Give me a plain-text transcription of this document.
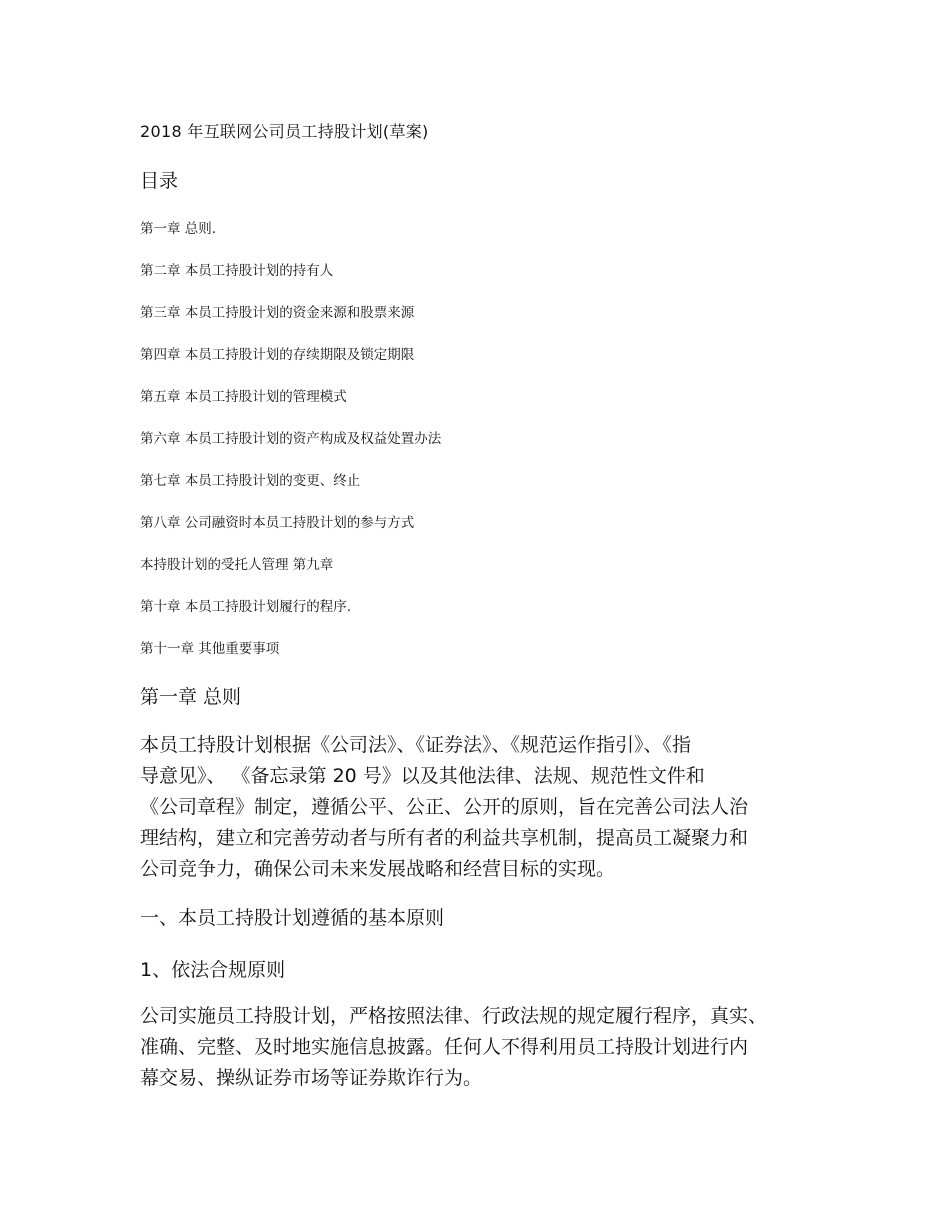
2018 年互联网公司员工持股计划(草案)
目录
第一章 总则.
第二章 本员工持股计划的持有人
第三章 本员工持股计划的资金来源和股票来源
第四章 本员工持股计划的存续期限及锁定期限
第五章 本员工持股计划的管理模式
第六章 本员工持股计划的资产构成及权益处置办法
第七章 本员工持股计划的变更、终止
第八章 公司融资时本员工持股计划的参与方式
本持股计划的受托人管理 第九章
第十章 本员工持股计划履行的程序.
第十一章 其他重要事项
第一章 总则

本员工持股计划根据《公司法》、《证券法》、《规范运作指引》、《指
导意见》、 《备忘录第 20 号》以及其他法律、法规、规范性文件和
《公司章程》制定，遵循公平、公正、公开的原则，旨在完善公司法人治
理结构，建立和完善劳动者与所有者的利益共享机制，提高员工凝聚力和
公司竞争力，确保公司未来发展战略和经营目标的实现。

一、本员工持股计划遵循的基本原则
1、依法合规原则

公司实施员工持股计划，严格按照法律、行政法规的规定履行程序，真实、
准确、完整、及时地实施信息披露。任何人不得利用员工持股计划进行内
幕交易、操纵证券市场等证券欺诈行为。
